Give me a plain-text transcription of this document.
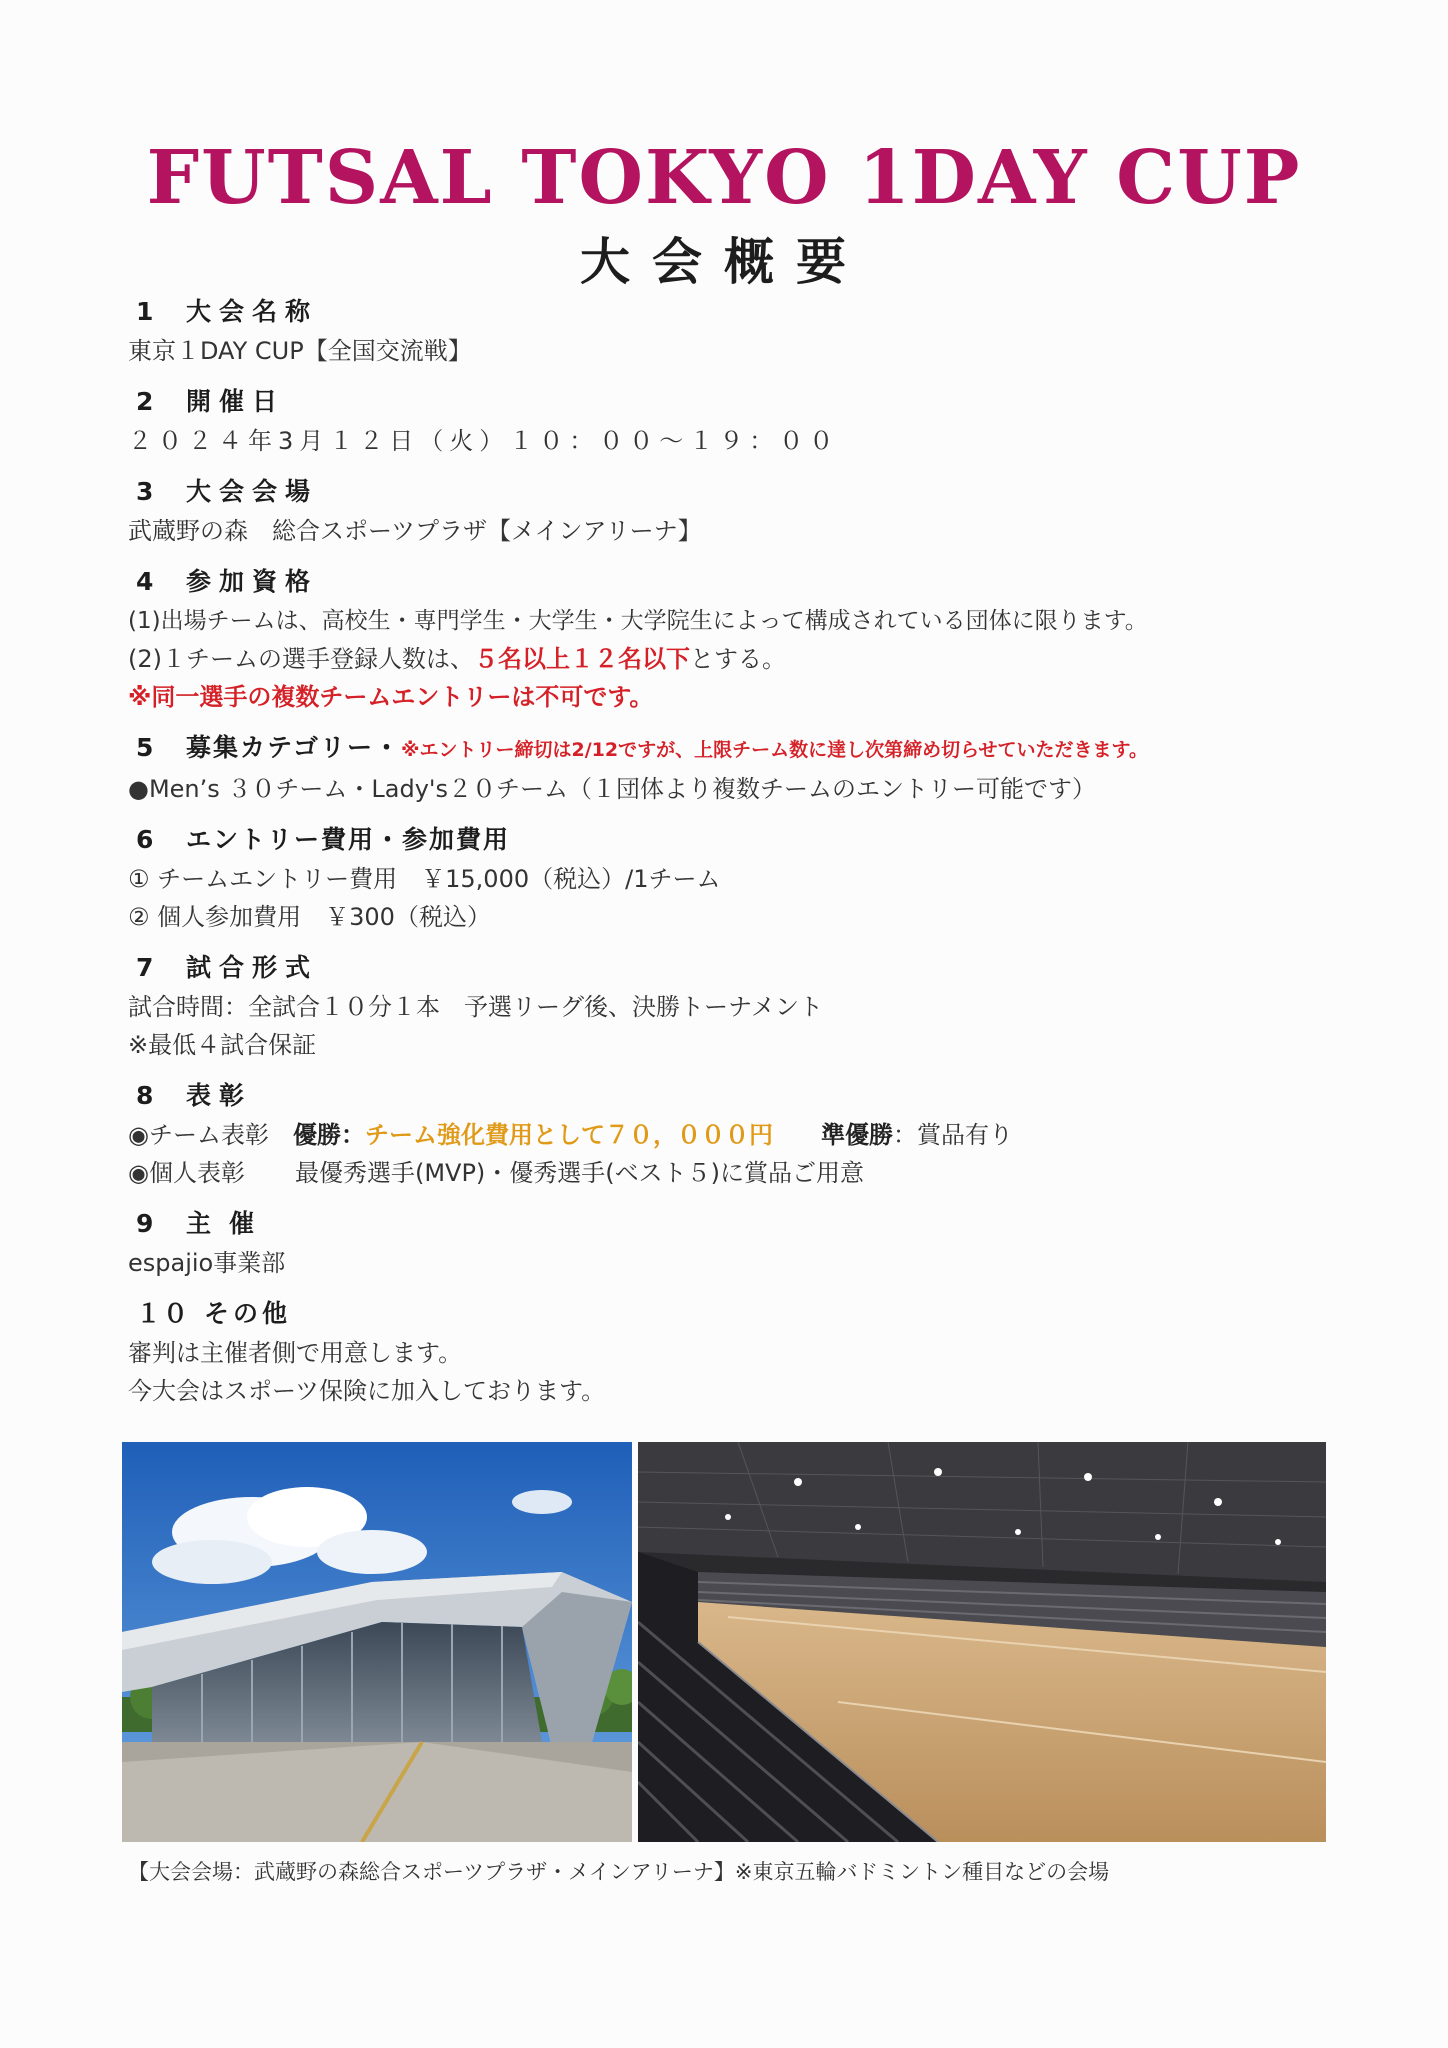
FUTSAL TOKYO 1DAY CUP
大会概要
1	大会名称
東京１DAY CUP【全国交流戦】
2	開催日
２０２４年3月１２日（火）１０：００～１９：００
3	大会会場
武蔵野の森　総合スポーツプラザ【メインアリーナ】
4	参加資格
(1)出場チームは、高校生・専門学生・大学生・大学院生によって構成されている団体に限ります。
(2)１チームの選手登録人数は、５名以上１２名以下とする。
※同一選手の複数チームエントリーは不可です。
5	募集カテゴリー・ ※エントリー締切は2/12ですが、上限チーム数に達し次第締め切らせていただきます。
●Men’s ３０チーム・Lady's２０チーム（１団体より複数チームのエントリー可能です）
6	エントリー費用・参加費用
① チームエントリー費用　￥15,000（税込）/1チーム
② 個人参加費用　￥300（税込）
7	試合形式
試合時間：全試合１０分１本　予選リーグ後、決勝トーナメント
※最低４試合保証
8	表彰
◉チーム表彰 優勝：チーム強化費用として７０，０００円 準優勝：賞品有り
◉個人表彰 最優秀選手(MVP)・優秀選手(ベスト５)に賞品ご用意
9	主催
espajio事業部
１０ その他
審判は主催者側で用意します。
今大会はスポーツ保険に加入しております。
【大会会場：武蔵野の森総合スポーツプラザ・メインアリーナ】※東京五輪バドミントン種目などの会場
